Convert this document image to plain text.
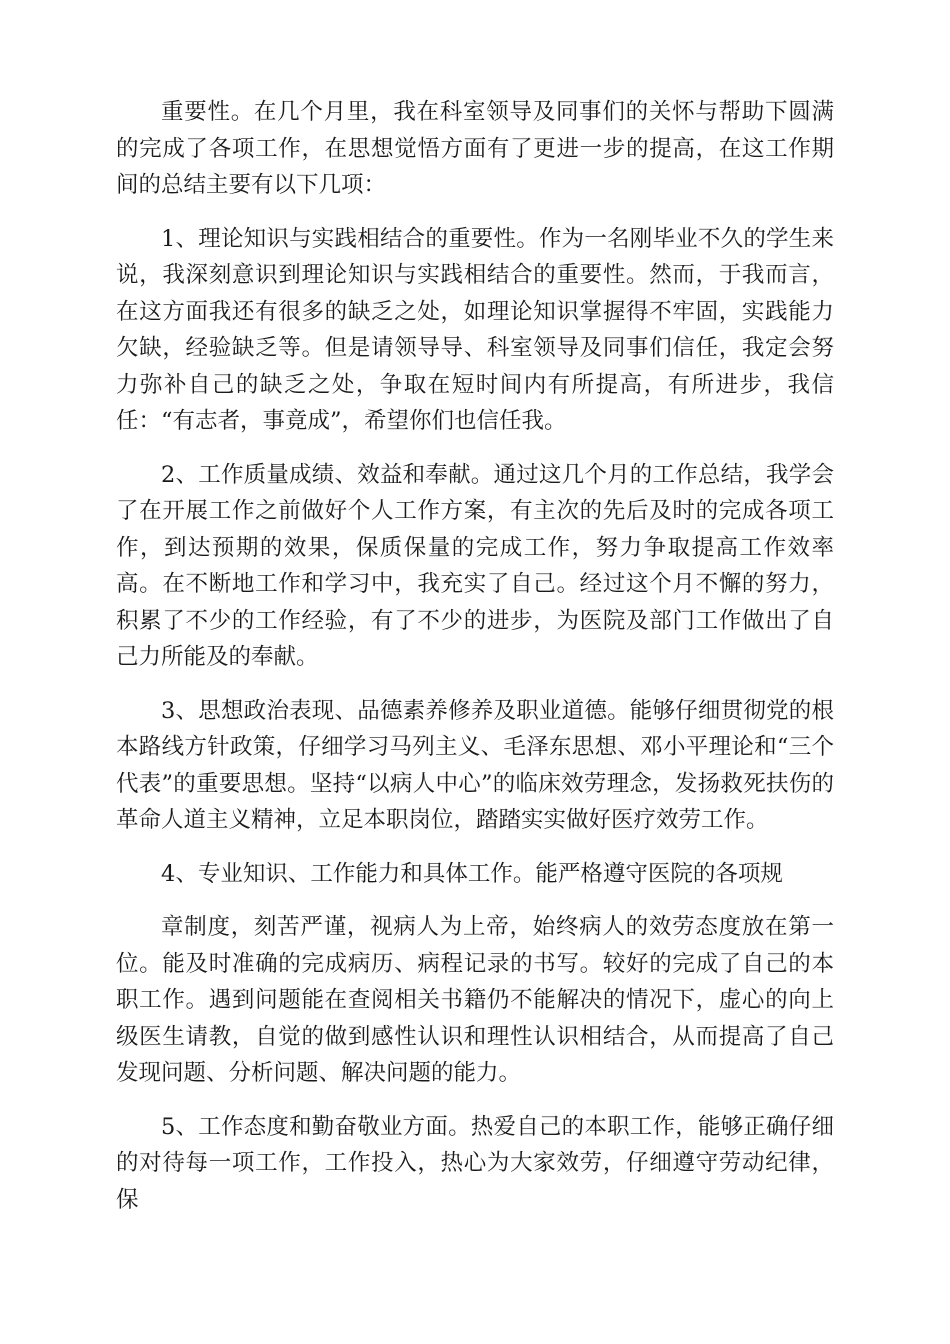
重要性。在几个月里，我在科室领导及同事们的关怀与帮助下圆满的完成了各项工作，在思想觉悟方面有了更进一步的提高，在这工作期间的总结主要有以下几项：

1、理论知识与实践相结合的重要性。作为一名刚毕业不久的学生来说，我深刻意识到理论知识与实践相结合的重要性。然而，于我而言，在这方面我还有很多的缺乏之处，如理论知识掌握得不牢固，实践能力欠缺，经验缺乏等。但是请领导导、科室领导及同事们信任，我定会努力弥补自己的缺乏之处，争取在短时间内有所提高，有所进步，我信任：“有志者，事竟成”，希望你们也信任我。

2、工作质量成绩、效益和奉献。通过这几个月的工作总结，我学会了在开展工作之前做好个人工作方案，有主次的先后及时的完成各项工作，到达预期的效果，保质保量的完成工作，努力争取提高工作效率高。在不断地工作和学习中，我充实了自己。经过这个月不懈的努力，积累了不少的工作经验，有了不少的进步，为医院及部门工作做出了自己力所能及的奉献。

3、思想政治表现、品德素养修养及职业道德。能够仔细贯彻党的根本路线方针政策，仔细学习马列主义、毛泽东思想、邓小平理论和“三个代表”的重要思想。坚持“以病人中心”的临床效劳理念，发扬救死扶伤的革命人道主义精神，立足本职岗位，踏踏实实做好医疗效劳工作。

4、专业知识、工作能力和具体工作。能严格遵守医院的各项规

章制度，刻苦严谨，视病人为上帝，始终病人的效劳态度放在第一位。能及时准确的完成病历、病程记录的书写。较好的完成了自己的本职工作。遇到问题能在查阅相关书籍仍不能解决的情况下，虚心的向上级医生请教，自觉的做到感性认识和理性认识相结合，从而提高了自己发现问题、分析问题、解决问题的能力。

5、工作态度和勤奋敬业方面。热爱自己的本职工作，能够正确仔细的对待每一项工作，工作投入，热心为大家效劳，仔细遵守劳动纪律，保
